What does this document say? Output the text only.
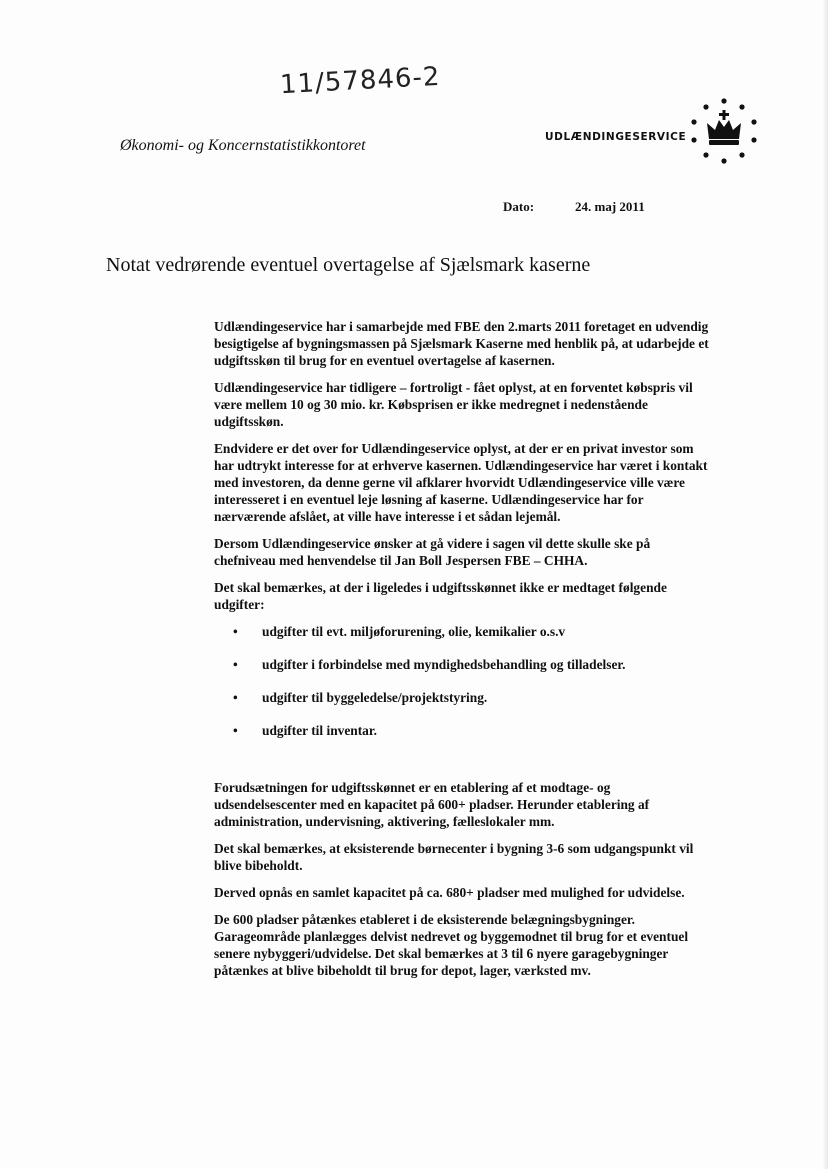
11/57846-2
Økonomi- og Koncernstatistikkontoret	UDLÆNDINGESERVICE
Dato:	24. maj 2011
Notat vedrørende eventuel overtagelse af Sjælsmark kaserne

Udlændingeservice har i samarbejde med FBE den 2.marts 2011 foretaget en udvendig besigtigelse af bygningsmassen på Sjælsmark Kaserne med henblik på, at udarbejde et udgiftsskøn til brug for en eventuel overtagelse af kasernen.

Udlændingeservice har tidligere – fortroligt - fået oplyst, at en forventet købspris vil være mellem 10 og 30 mio. kr. Købsprisen er ikke medregnet i nedenstående udgiftsskøn.

Endvidere er det over for Udlændingeservice oplyst, at der er en privat investor som har udtrykt interesse for at erhverve kasernen. Udlændingeservice har været i kontakt med investoren, da denne gerne vil afklarer hvorvidt Udlændingeservice ville være interesseret i en eventuel leje løsning af kaserne. Udlændingeservice har for nærværende afslået, at ville have interesse i et sådan lejemål.

Dersom Udlændingeservice ønsker at gå videre i sagen vil dette skulle ske på chefniveau med henvendelse til Jan Boll Jespersen FBE – CHHA.

Det skal bemærkes, at der i ligeledes i udgiftsskønnet ikke er medtaget følgende udgifter:

• udgifter til evt. miljøforurening, olie, kemikalier o.s.v
• udgifter i forbindelse med myndighedsbehandling og tilladelser.
• udgifter til byggeledelse/projektstyring.
• udgifter til inventar.

Forudsætningen for udgiftsskønnet er en etablering af et modtage- og udsendelsescenter med en kapacitet på 600+ pladser. Herunder etablering af administration, undervisning, aktivering, fælleslokaler mm.

Det skal bemærkes, at eksisterende børnecenter i bygning 3-6 som udgangspunkt vil blive bibeholdt.

Derved opnås en samlet kapacitet på ca. 680+ pladser med mulighed for udvidelse.

De 600 pladser påtænkes etableret i de eksisterende belægningsbygninger. Garageområde planlægges delvist nedrevet og byggemodnet til brug for et eventuel senere nybyggeri/udvidelse. Det skal bemærkes at 3 til 6 nyere garagebygninger påtænkes at blive bibeholdt til brug for depot, lager, værksted mv.
